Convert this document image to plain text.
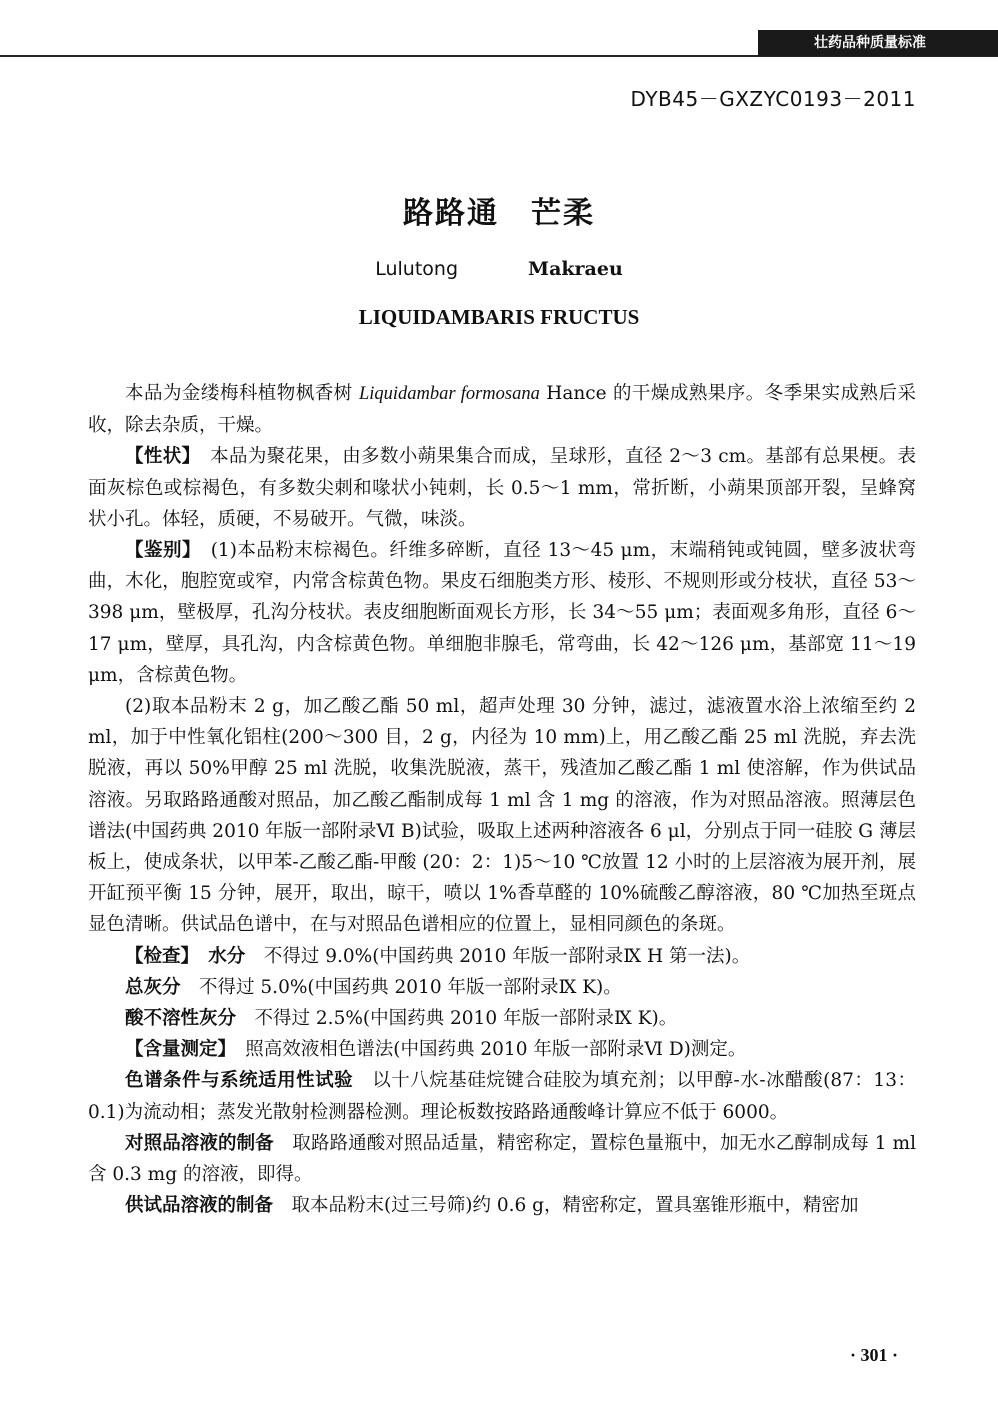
壮药品种质量标准
DYB45－GXZYC0193－2011
路路通　芒柔
Lulutong	Makraeu
LIQUIDAMBARIS FRUCTUS

本品为金缕梅科植物枫香树 Liquidambar formosana Hance 的干燥成熟果序。冬季果实成熟后采收，除去杂质，干燥。

【性状】　 本品为聚花果，由多数小蒴果集合而成，呈球形，直径 2～3 cm。基部有总果梗。表面灰棕色或棕褐色，有多数尖刺和喙状小钝刺，长 0.5～1 mm，常折断，小蒴果顶部开裂，呈蜂窝状小孔。体轻，质硬，不易破开。气微，味淡。

【鉴别】　 (1)本品粉末棕褐色。纤维多碎断，直径 13～45 μm，末端稍钝或钝圆，壁多波状弯曲，木化，胞腔宽或窄，内常含棕黄色物。果皮石细胞类方形、棱形、不规则形或分枝状，直径 53～398 μm，壁极厚，孔沟分枝状。表皮细胞断面观长方形，长 34～55 μm；表面观多角形，直径 6～17 μm，壁厚，具孔沟，内含棕黄色物。单细胞非腺毛，常弯曲，长 42～126 μm，基部宽 11～19 μm，含棕黄色物。

(2)取本品粉末 2 g，加乙酸乙酯 50 ml，超声处理 30 分钟，滤过，滤液置水浴上浓缩至约 2 ml，加于中性氧化铝柱(200～300 目，2 g，内径为 10 mm)上，用乙酸乙酯 25 ml 洗脱，弃去洗脱液，再以 50%甲醇 25 ml 洗脱，收集洗脱液，蒸干，残渣加乙酸乙酯 1 ml 使溶解，作为供试品溶液。另取路路通酸对照品，加乙酸乙酯制成每 1 ml 含 1 mg 的溶液，作为对照品溶液。照薄层色谱法(中国药典 2010 年版一部附录Ⅵ B)试验，吸取上述两种溶液各 6 μl，分别点于同一硅胶 G 薄层板上，使成条状，以甲苯-乙酸乙酯-甲酸 (20：2：1)5～10 ℃放置 12 小时的上层溶液为展开剂，展开缸预平衡 15 分钟，展开，取出，晾干，喷以 1%香草醛的 10%硫酸乙醇溶液，80 ℃加热至斑点显色清晰。供试品色谱中，在与对照品色谱相应的位置上，显相同颜色的条斑。

【检查】　 水分　 不得过 9.0%(中国药典 2010 年版一部附录Ⅸ H 第一法)。

总灰分　 不得过 5.0%(中国药典 2010 年版一部附录Ⅸ K)。

酸不溶性灰分　 不得过 2.5%(中国药典 2010 年版一部附录Ⅸ K)。

【含量测定】　 照高效液相色谱法(中国药典 2010 年版一部附录Ⅵ D)测定。

色谱条件与系统适用性试验　 以十八烷基硅烷键合硅胶为填充剂；以甲醇-水-冰醋酸(87：13：0.1)为流动相；蒸发光散射检测器检测。理论板数按路路通酸峰计算应不低于 6000。

对照品溶液的制备　 取路路通酸对照品适量，精密称定，置棕色量瓶中，加无水乙醇制成每 1 ml 含 0.3 mg 的溶液，即得。

供试品溶液的制备　 取本品粉末(过三号筛)约 0.6 g，精密称定，置具塞锥形瓶中，精密加

· 301 ·
